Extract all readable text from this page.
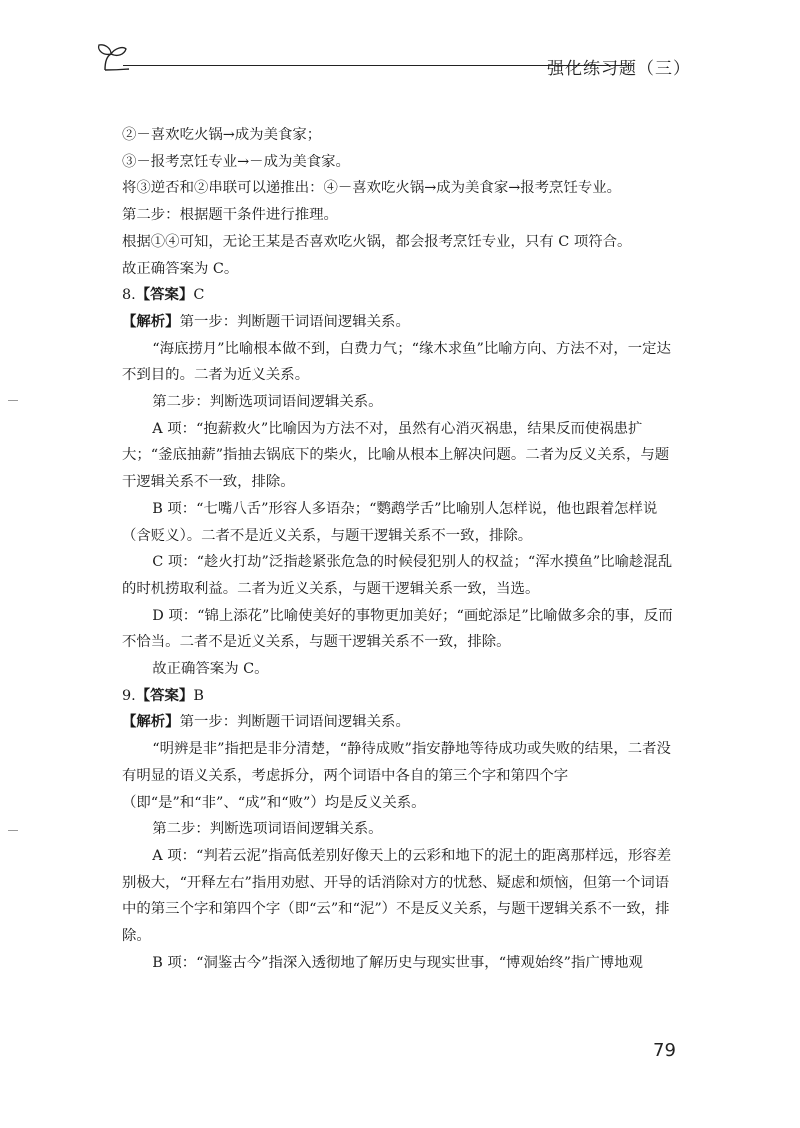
强化练习题（三）

②－喜欢吃火锅→成为美食家；

③－报考烹饪专业→－成为美食家。

将③逆否和②串联可以递推出：④－喜欢吃火锅→成为美食家→报考烹饪专业。

第二步：根据题干条件进行推理。

根据①④可知，无论王某是否喜欢吃火锅，都会报考烹饪专业，只有 C 项符合。

故正确答案为 C。

8.【答案】C

【解析】第一步：判断题干词语间逻辑关系。

“海底捞月”比喻根本做不到，白费力气；“缘木求鱼”比喻方向、方法不对，一定达不到目的。二者为近义关系。

第二步：判断选项词语间逻辑关系。

A 项：“抱薪救火”比喻因为方法不对，虽然有心消灭祸患，结果反而使祸患扩大；“釜底抽薪”指抽去锅底下的柴火，比喻从根本上解决问题。二者为反义关系，与题干逻辑关系不一致，排除。

B 项：“七嘴八舌”形容人多语杂；“鹦鹉学舌”比喻别人怎样说，他也跟着怎样说（含贬义）。二者不是近义关系，与题干逻辑关系不一致，排除。

C 项：“趁火打劫”泛指趁紧张危急的时候侵犯别人的权益；“浑水摸鱼”比喻趁混乱的时机捞取利益。二者为近义关系，与题干逻辑关系一致，当选。

D 项：“锦上添花”比喻使美好的事物更加美好；“画蛇添足”比喻做多余的事，反而不恰当。二者不是近义关系，与题干逻辑关系不一致，排除。

故正确答案为 C。

9.【答案】B

【解析】第一步：判断题干词语间逻辑关系。

“明辨是非”指把是非分清楚，“静待成败”指安静地等待成功或失败的结果，二者没有明显的语义关系，考虑拆分，两个词语中各自的第三个字和第四个字（即“是”和“非”、“成”和“败”）均是反义关系。

第二步：判断选项词语间逻辑关系。

A 项：“判若云泥”指高低差别好像天上的云彩和地下的泥土的距离那样远，形容差别极大，“开释左右”指用劝慰、开导的话消除对方的忧愁、疑虑和烦恼，但第一个词语中的第三个字和第四个字（即“云”和“泥”）不是反义关系，与题干逻辑关系不一致，排除。

B 项：“洞鉴古今”指深入透彻地了解历史与现实世事，“博观始终”指广博地观

79
